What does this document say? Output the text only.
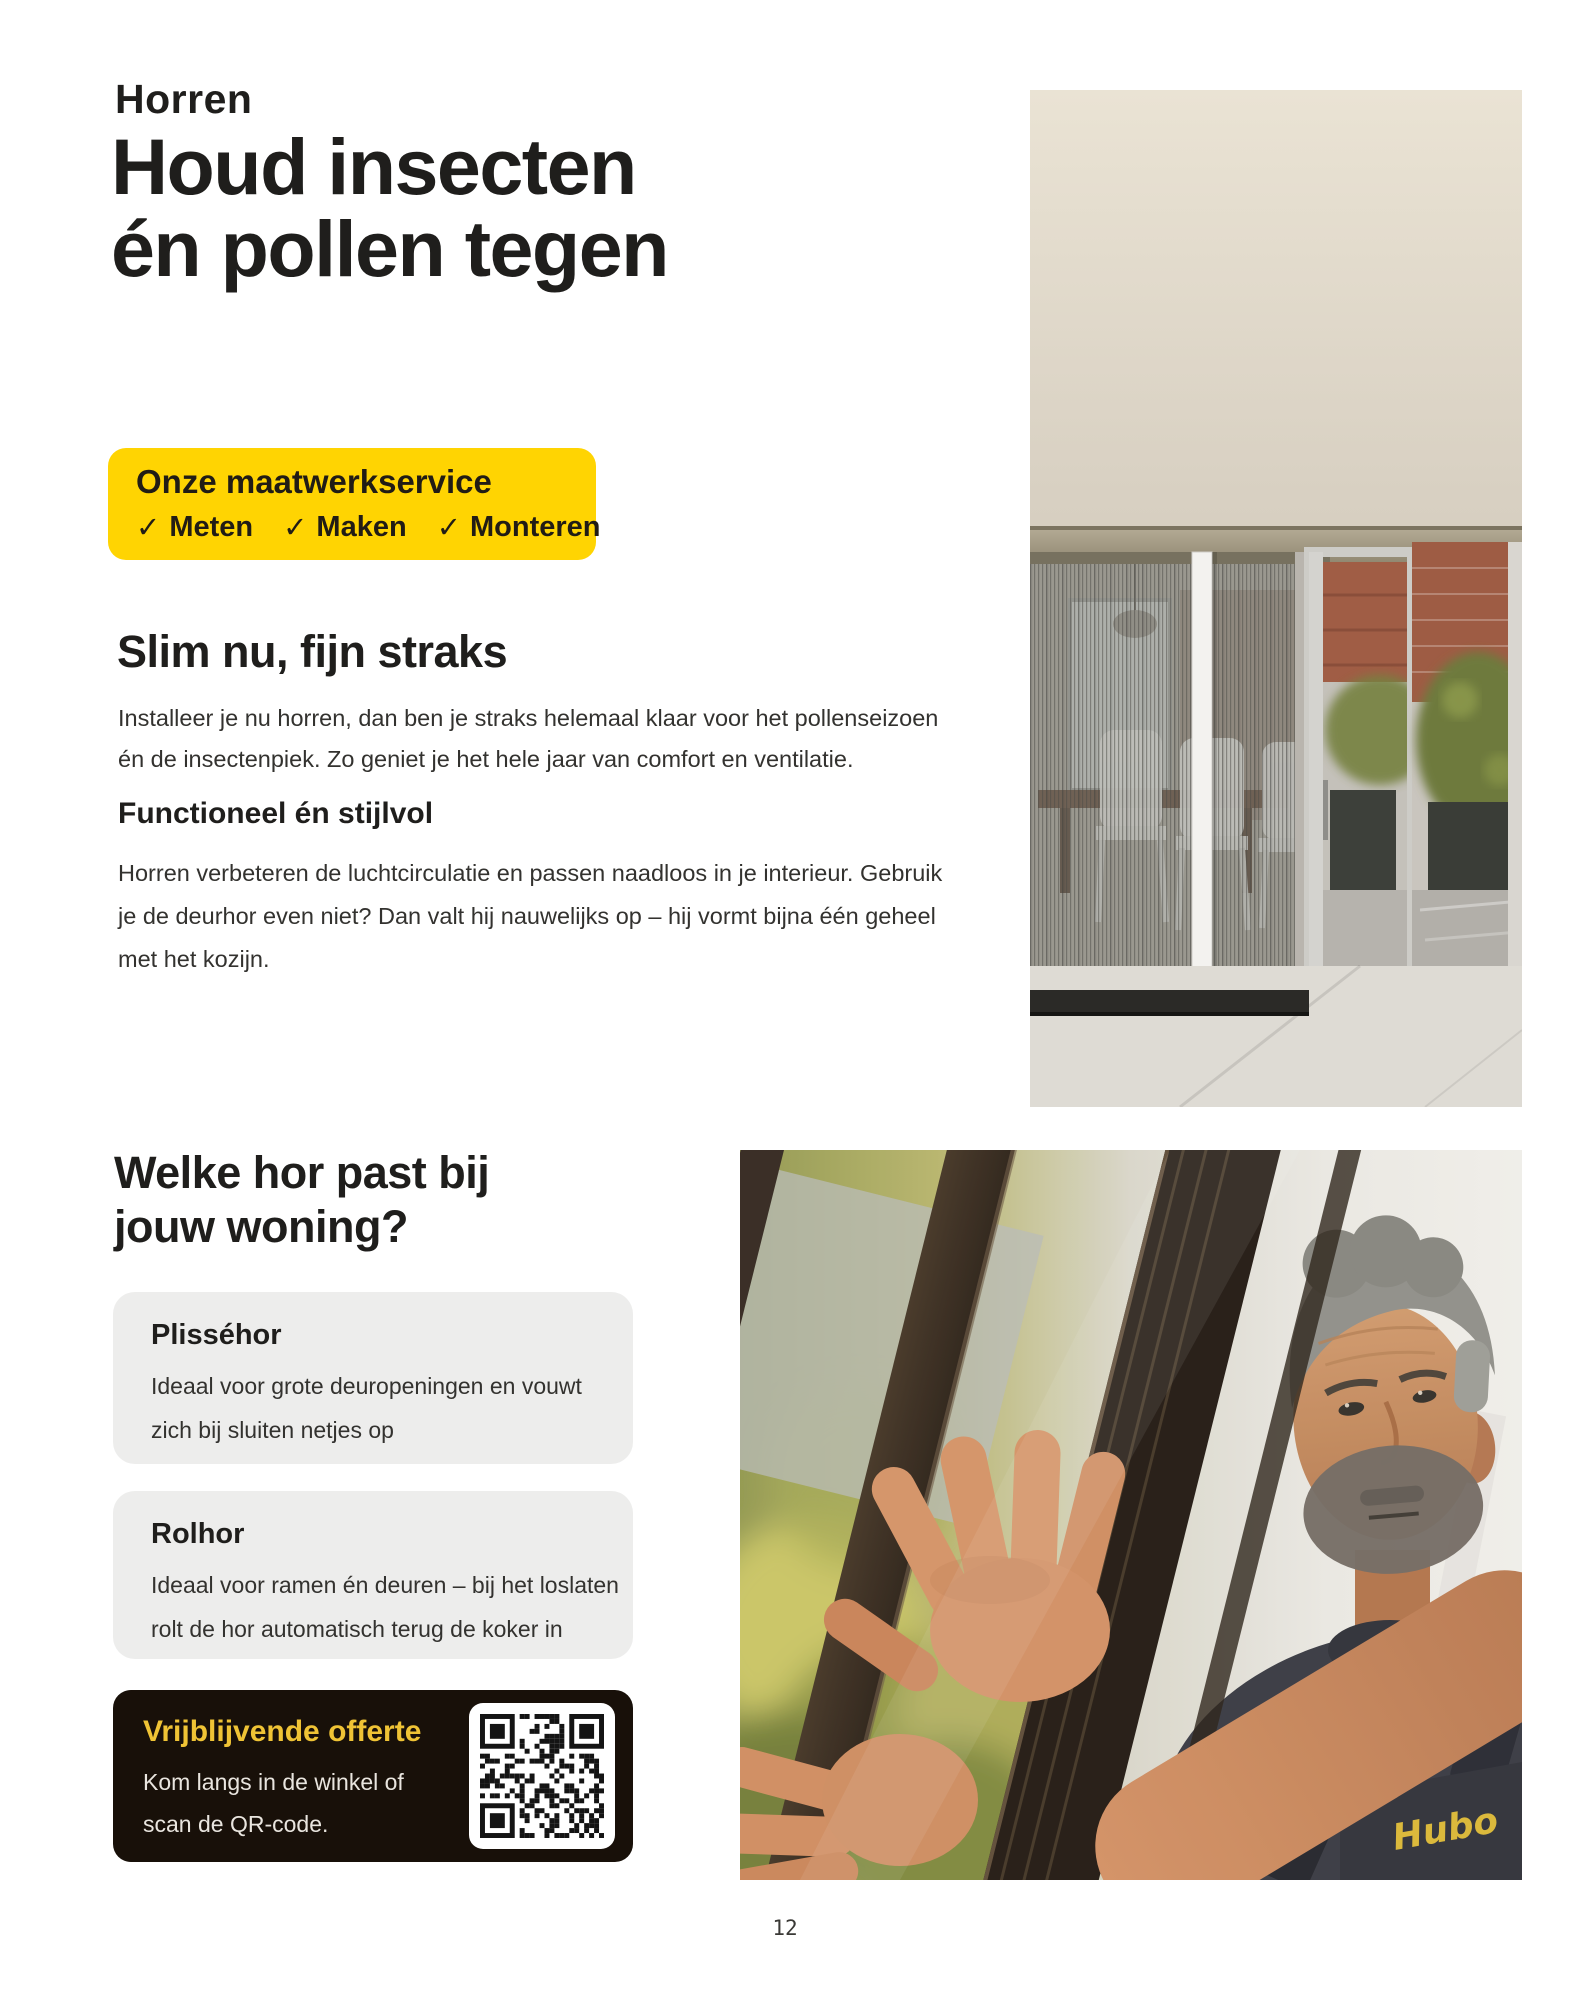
Horren
Houd insecten
én pollen tegen
Onze maatwerkservice
✓ Meten ✓ Maken ✓ Monteren
Slim nu, fijn straks
Installeer je nu horren, dan ben je straks helemaal klaar voor het pollenseizoen
én de insectenpiek. Zo geniet je het hele jaar van comfort en ventilatie.
Functioneel én stijlvol
Horren verbeteren de luchtcirculatie en passen naadloos in je interieur. Gebruik
je de deurhor even niet? Dan valt hij nauwelijks op – hij vormt bijna één geheel
met het kozijn.
Welke hor past bij
jouw woning?
Plisséhor
Ideaal voor grote deuropeningen en vouwt
zich bij sluiten netjes op
Rolhor
Ideaal voor ramen én deuren – bij het loslaten
rolt de hor automatisch terug de koker in
Vrijblijvende offerte
Kom langs in de winkel of
scan de QR-code.
12
